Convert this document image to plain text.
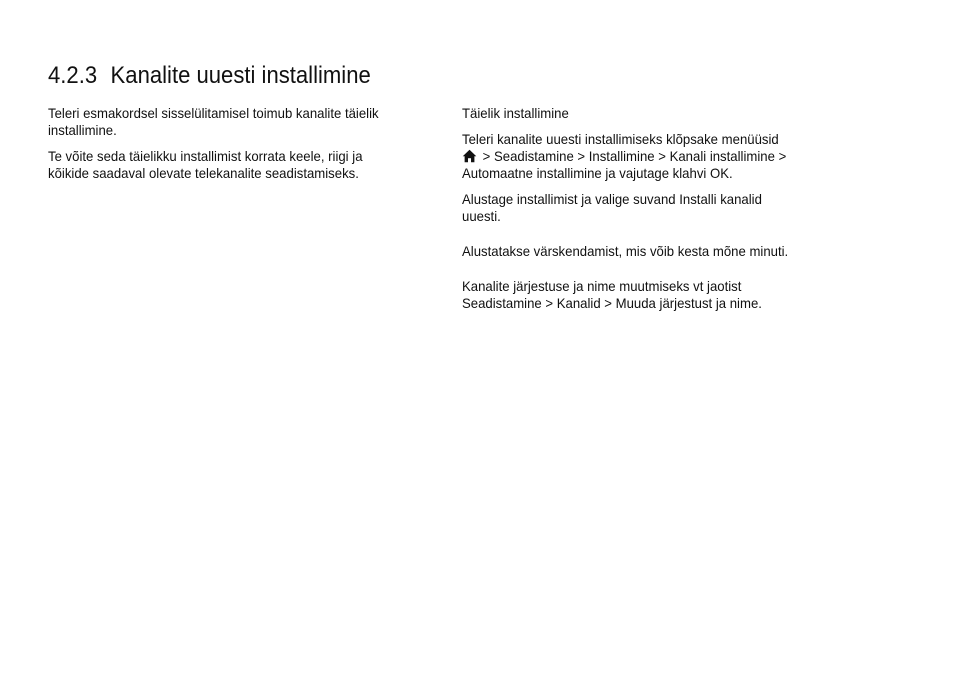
4.2.3 Kanalite uuesti installimine

Teleri esmakordsel sisselülitamisel toimub kanalite täielik
installimine.

Te võite seda täielikku installimist korrata keele, riigi ja
kõikide saadaval olevate telekanalite seadistamiseks.

Täielik installimine

Teleri kanalite uuesti installimiseks klõpsake menüüsid
> Seadistamine > Installimine > Kanali installimine >
Automaatne installimine ja vajutage klahvi OK.

Alustage installimist ja valige suvand Installi kanalid
uuesti.

Alustatakse värskendamist, mis võib kesta mõne minuti.

Kanalite järjestuse ja nime muutmiseks vt jaotist
Seadistamine > Kanalid > Muuda järjestust ja nime.
